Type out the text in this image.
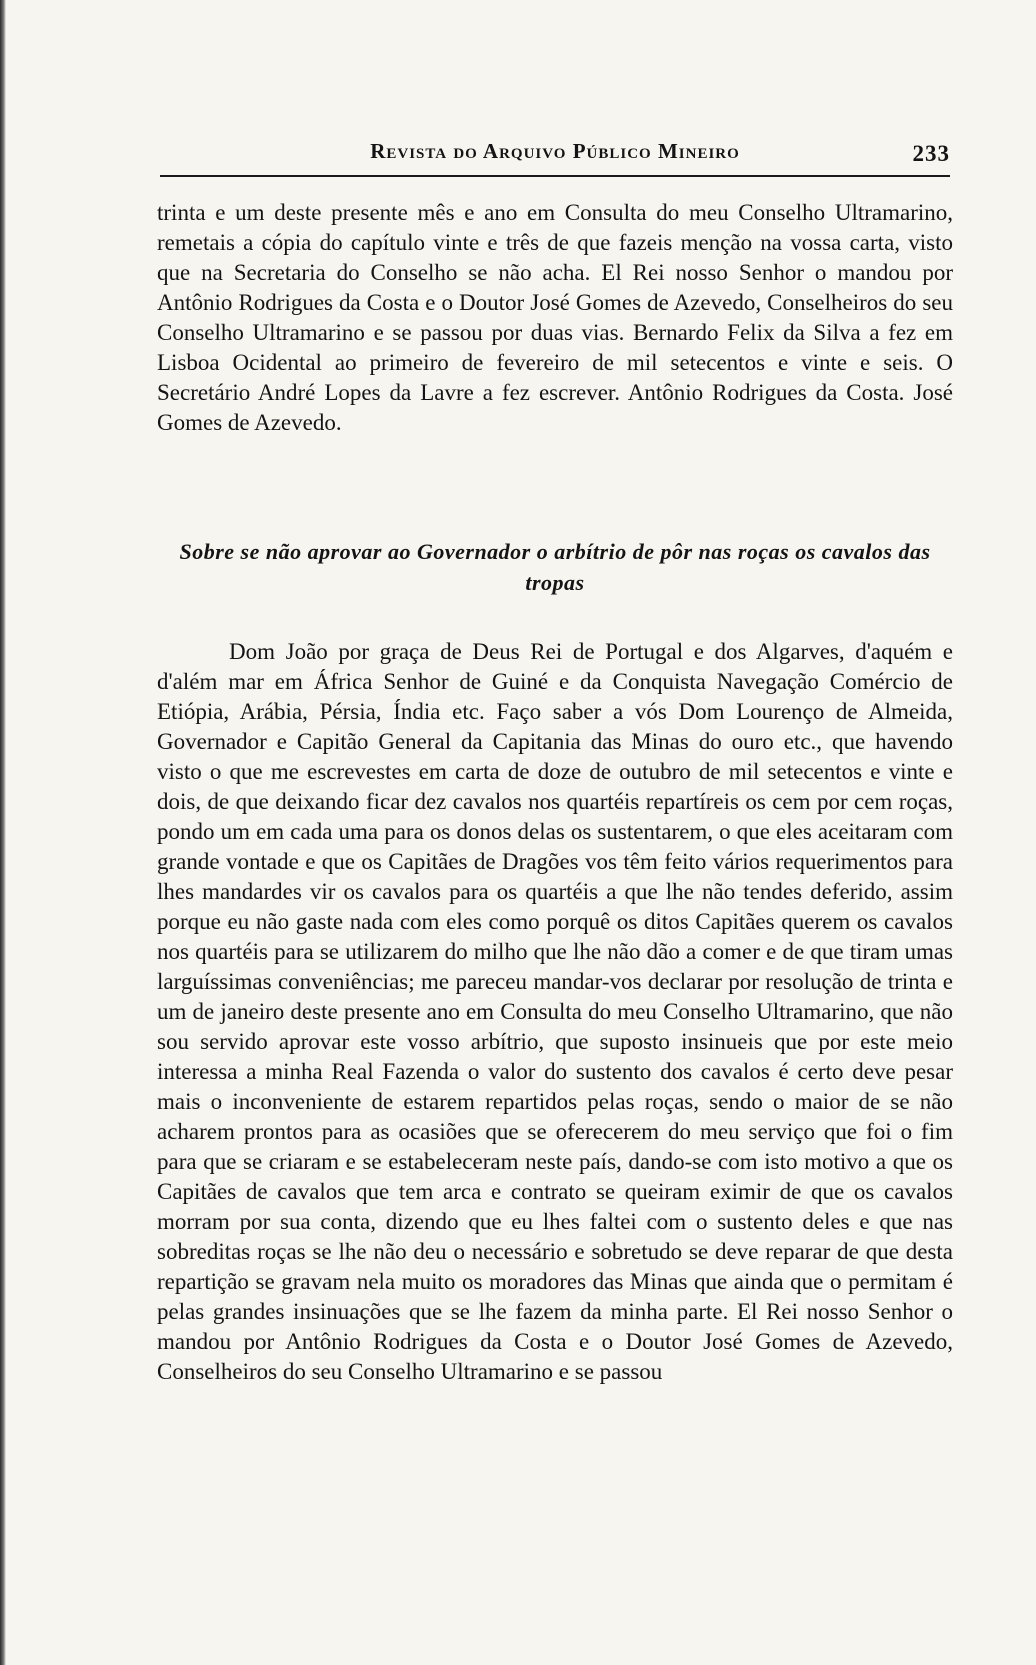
Revista do Arquivo Público Mineiro	233

trinta e um deste presente mês e ano em Consulta do meu Conselho Ultramarino, remetais a cópia do capítulo vinte e três de que fazeis menção na vossa carta, visto que na Secretaria do Conselho se não acha. El Rei nosso Senhor o mandou por Antônio Rodrigues da Costa e o Doutor José Gomes de Azevedo, Conselheiros do seu Conselho Ultramarino e se passou por duas vias. Bernardo Felix da Silva a fez em Lisboa Ocidental ao primeiro de fevereiro de mil setecentos e vinte e seis. O Secretário André Lopes da Lavre a fez escrever. Antônio Rodrigues da Costa. José Gomes de Azevedo.

Sobre se não aprovar ao Governador o arbítrio de pôr nas roças os cavalos das tropas

Dom João por graça de Deus Rei de Portugal e dos Algarves, d'aquém e d'além mar em África Senhor de Guiné e da Conquista Navegação Comércio de Etiópia, Arábia, Pérsia, Índia etc. Faço saber a vós Dom Lourenço de Almeida, Governador e Capitão General da Capitania das Minas do ouro etc., que havendo visto o que me escrevestes em carta de doze de outubro de mil setecentos e vinte e dois, de que deixando ficar dez cavalos nos quartéis repartíreis os cem por cem roças, pondo um em cada uma para os donos delas os sustentarem, o que eles aceitaram com grande vontade e que os Capitães de Dragões vos têm feito vários requerimentos para lhes mandardes vir os cavalos para os quartéis a que lhe não tendes deferido, assim porque eu não gaste nada com eles como porquê os ditos Capitães querem os cavalos nos quartéis para se utilizarem do milho que lhe não dão a comer e de que tiram umas larguíssimas conveniências; me pareceu mandar-vos declarar por resolução de trinta e um de janeiro deste presente ano em Consulta do meu Conselho Ultramarino, que não sou servido aprovar este vosso arbítrio, que suposto insinueis que por este meio interessa a minha Real Fazenda o valor do sustento dos cavalos é certo deve pesar mais o inconveniente de estarem repartidos pelas roças, sendo o maior de se não acharem prontos para as ocasiões que se oferecerem do meu serviço que foi o fim para que se criaram e se estabeleceram neste país, dando-se com isto motivo a que os Capitães de cavalos que tem arca e contrato se queiram eximir de que os cavalos morram por sua conta, dizendo que eu lhes faltei com o sustento deles e que nas sobreditas roças se lhe não deu o necessário e sobretudo se deve reparar de que desta repartição se gravam nela muito os moradores das Minas que ainda que o permitam é pelas grandes insinuações que se lhe fazem da minha parte. El Rei nosso Senhor o mandou por Antônio Rodrigues da Costa e o Doutor José Gomes de Azevedo, Conselheiros do seu Conselho Ultramarino e se passou
